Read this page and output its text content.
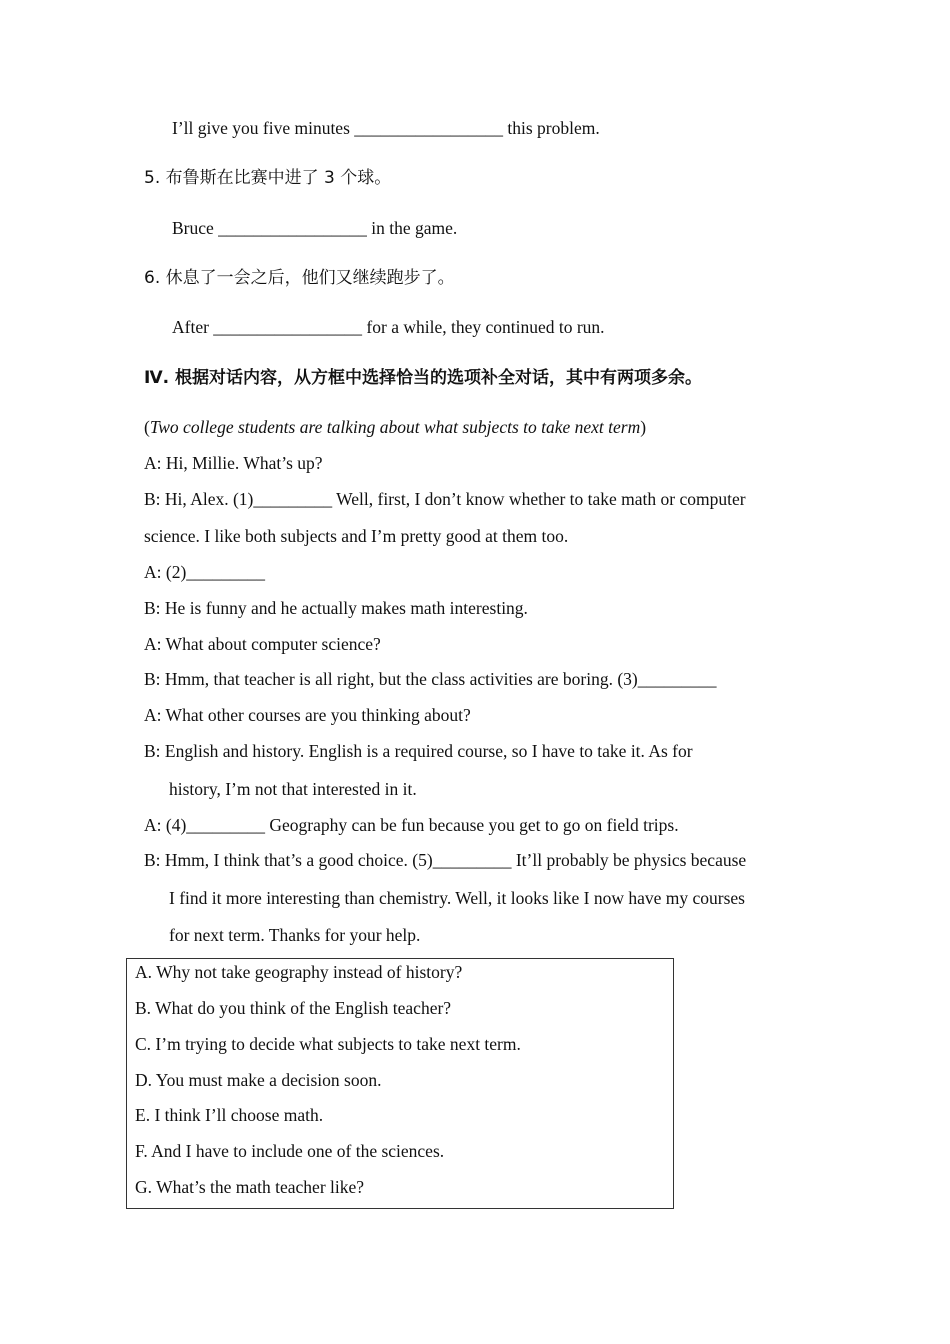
I’ll give you five minutes _________________ this problem.
5. 布鲁斯在比赛中进了 3 个球。
Bruce _________________ in the game.
6. 休息了一会之后，他们又继续跑步了。
After _________________ for a while, they continued to run.
Ⅳ. 根据对话内容，从方框中选择恰当的选项补全对话，其中有两项多余。
(Two college students are talking about what subjects to take next term)
A: Hi, Millie. What’s up?
B: Hi, Alex. (1)_________ Well, first, I don’t know whether to take math or computer
science. I like both subjects and I’m pretty good at them too.
A: (2)_________
B: He is funny and he actually makes math interesting.
A: What about computer science?
B: Hmm, that teacher is all right, but the class activities are boring. (3)_________
A: What other courses are you thinking about?
B: English and history. English is a required course, so I have to take it. As for
history, I’m not that interested in it.
A: (4)_________ Geography can be fun because you get to go on field trips.
B: Hmm, I think that’s a good choice. (5)_________ It’ll probably be physics because
I find it more interesting than chemistry. Well, it looks like I now have my courses
for next term. Thanks for your help.
A. Why not take geography instead of history?
B. What do you think of the English teacher?
C. I’m trying to decide what subjects to take next term.
D. You must make a decision soon.
E. I think I’ll choose math.
F. And I have to include one of the sciences.
G. What’s the math teacher like?
